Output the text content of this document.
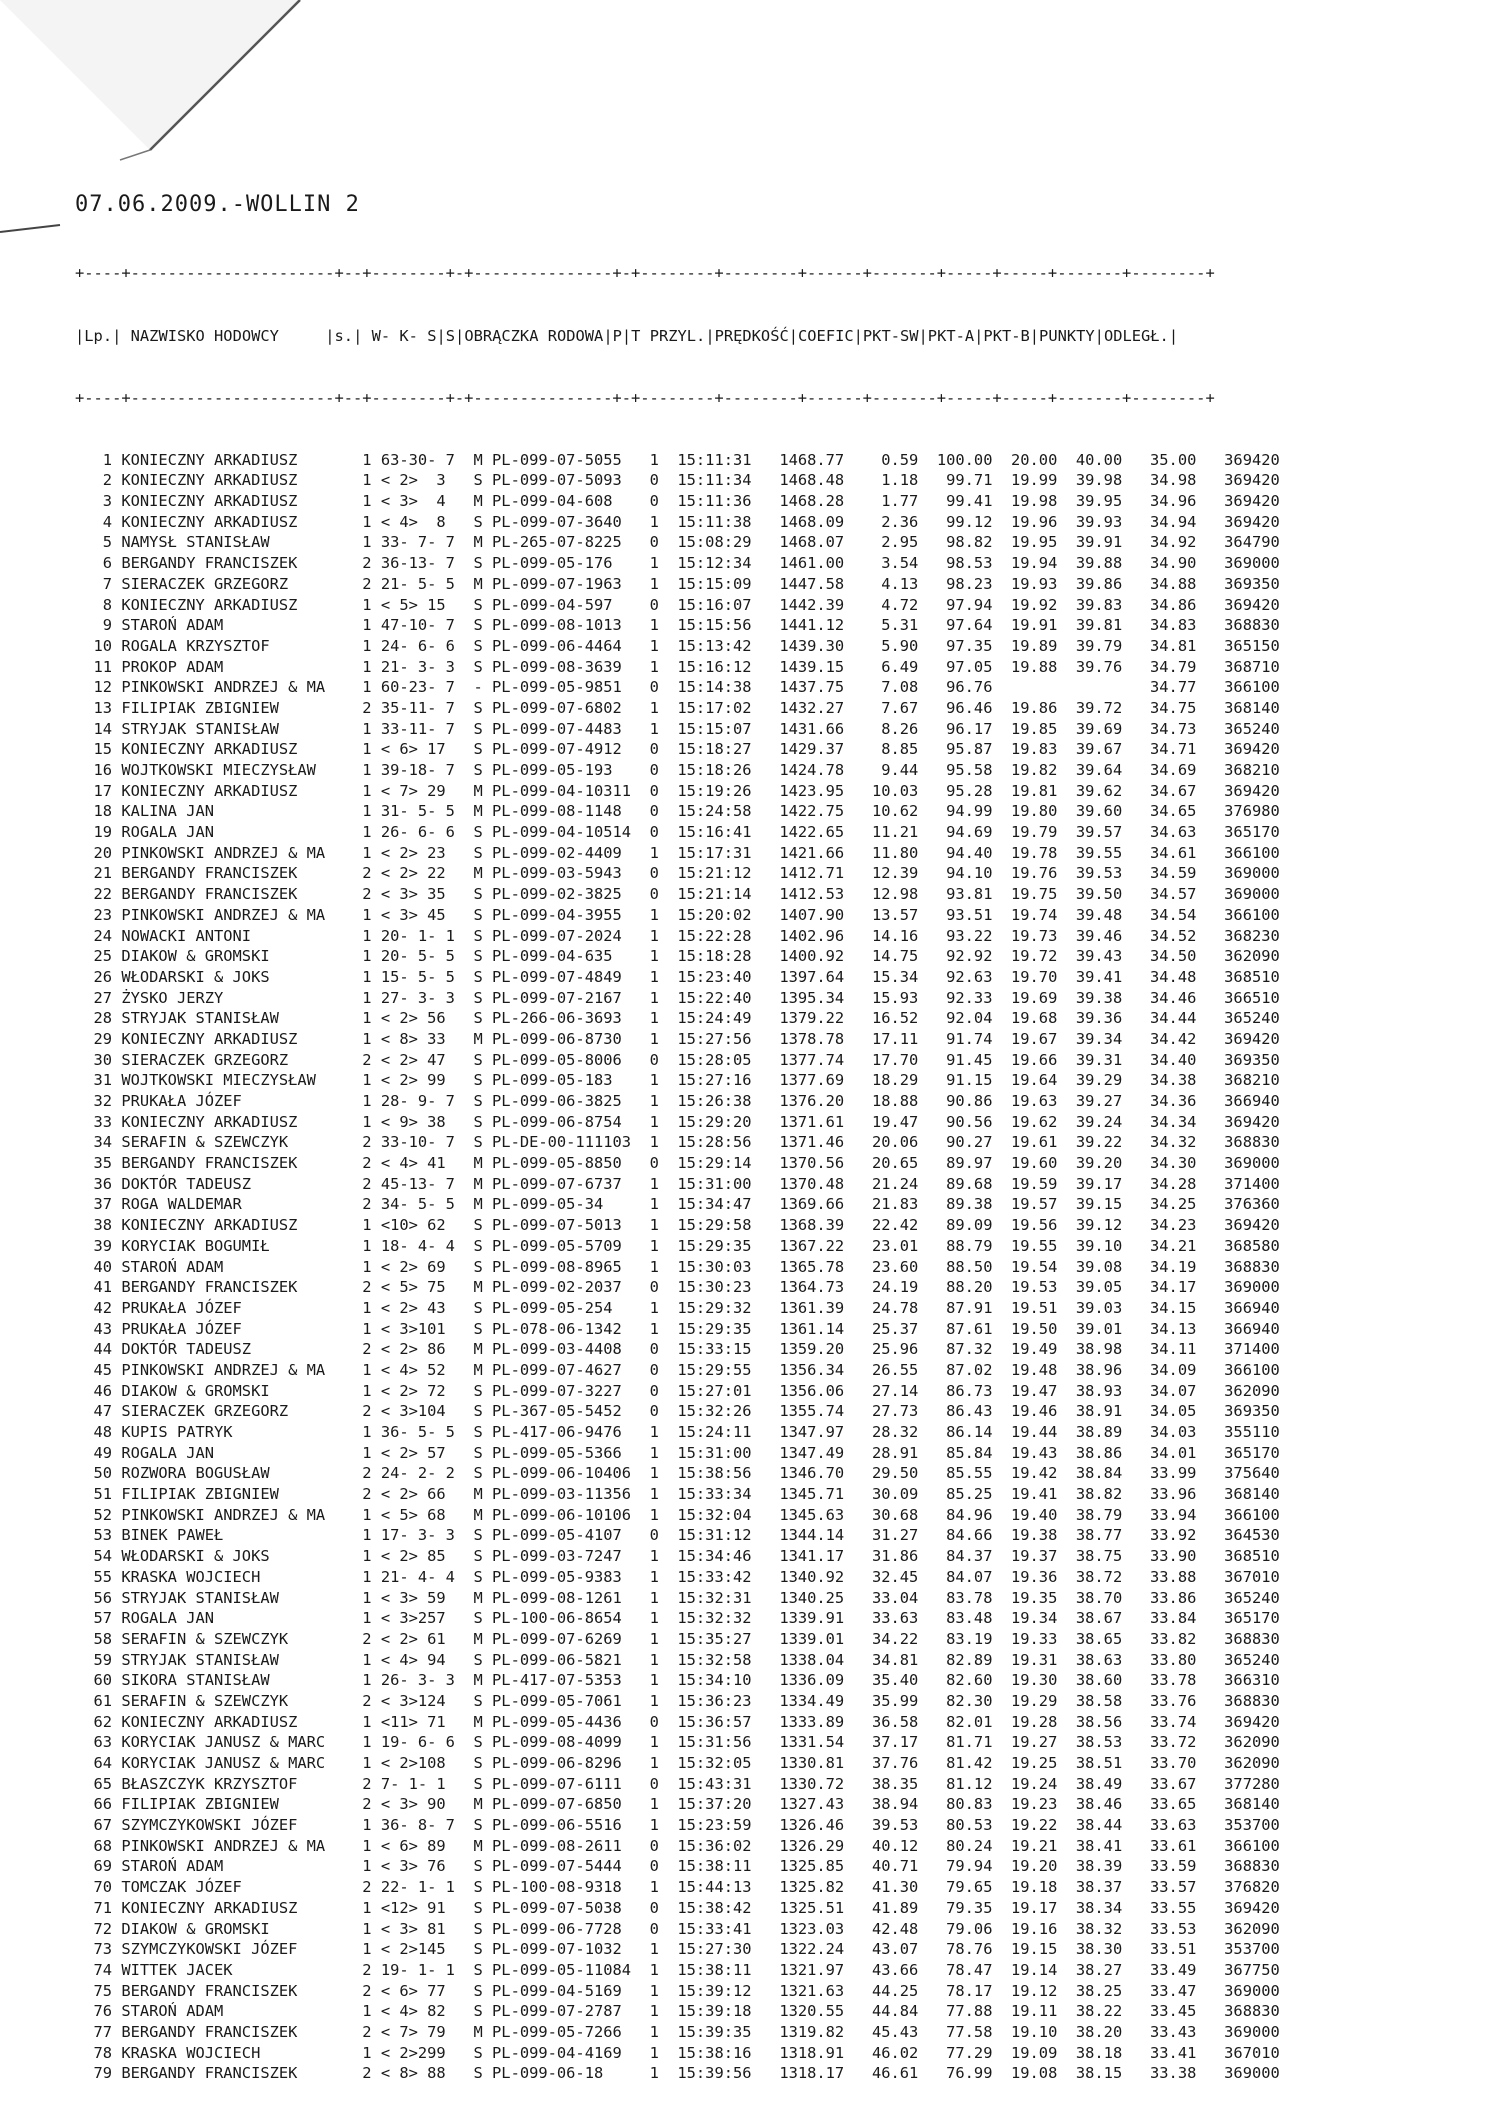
07.06.2009.-WOLLIN 2

+----+----------------------+--+--------+-+---------------+-+--------+--------+------+-------+-----+-----+-------+--------+

|Lp.| NAZWISKO HODOWCY     |s.| W- K- S|S|OBRĄCZKA RODOWA|P|T PRZYL.|PRĘDKOŚĆ|COEFIC|PKT-SW|PKT-A|PKT-B|PUNKTY|ODLEGŁ.|

+----+----------------------+--+--------+-+---------------+-+--------+--------+------+-------+-----+-----+-------+--------+

1 KONIECZNY ARKADIUSZ       1 63-30- 7  M PL-099-07-5055   1  15:11:31   1468.77    0.59  100.00  20.00  40.00   35.00   369420
2 KONIECZNY ARKADIUSZ       1 < 2>  3   S PL-099-07-5093   0  15:11:34   1468.48    1.18   99.71  19.99  39.98   34.98   369420
3 KONIECZNY ARKADIUSZ       1 < 3>  4   M PL-099-04-608    0  15:11:36   1468.28    1.77   99.41  19.98  39.95   34.96   369420
4 KONIECZNY ARKADIUSZ       1 < 4>  8   S PL-099-07-3640   1  15:11:38   1468.09    2.36   99.12  19.96  39.93   34.94   369420
5 NAMYSŁ STANISŁAW          1 33- 7- 7  M PL-265-07-8225   0  15:08:29   1468.07    2.95   98.82  19.95  39.91   34.92   364790
6 BERGANDY FRANCISZEK       2 36-13- 7  S PL-099-05-176    1  15:12:34   1461.00    3.54   98.53  19.94  39.88   34.90   369000
7 SIERACZEK GRZEGORZ        2 21- 5- 5  M PL-099-07-1963   1  15:15:09   1447.58    4.13   98.23  19.93  39.86   34.88   369350
8 KONIECZNY ARKADIUSZ       1 < 5> 15   S PL-099-04-597    0  15:16:07   1442.39    4.72   97.94  19.92  39.83   34.86   369420
9 STAROŃ ADAM               1 47-10- 7  S PL-099-08-1013   1  15:15:56   1441.12    5.31   97.64  19.91  39.81   34.83   368830
10 ROGALA KRZYSZTOF          1 24- 6- 6  S PL-099-06-4464   1  15:13:42   1439.30    5.90   97.35  19.89  39.79   34.81   365150
11 PROKOP ADAM               1 21- 3- 3  S PL-099-08-3639   1  15:16:12   1439.15    6.49   97.05  19.88  39.76   34.79   368710
12 PINKOWSKI ANDRZEJ & MA    1 60-23- 7  - PL-099-05-9851   0  15:14:38   1437.75    7.08   96.76	34.77   366100
13 FILIPIAK ZBIGNIEW         2 35-11- 7  S PL-099-07-6802   1  15:17:02   1432.27    7.67   96.46  19.86  39.72   34.75   368140
14 STRYJAK STANISŁAW         1 33-11- 7  S PL-099-07-4483   1  15:15:07   1431.66    8.26   96.17  19.85  39.69   34.73   365240
15 KONIECZNY ARKADIUSZ       1 < 6> 17   S PL-099-07-4912   0  15:18:27   1429.37    8.85   95.87  19.83  39.67   34.71   369420
16 WOJTKOWSKI MIECZYSŁAW     1 39-18- 7  S PL-099-05-193    0  15:18:26   1424.78    9.44   95.58  19.82  39.64   34.69   368210
17 KONIECZNY ARKADIUSZ       1 < 7> 29   M PL-099-04-10311  0  15:19:26   1423.95   10.03   95.28  19.81  39.62   34.67   369420
18 KALINA JAN                1 31- 5- 5  M PL-099-08-1148   0  15:24:58   1422.75   10.62   94.99  19.80  39.60   34.65   376980
19 ROGALA JAN                1 26- 6- 6  S PL-099-04-10514  0  15:16:41   1422.65   11.21   94.69  19.79  39.57   34.63   365170
20 PINKOWSKI ANDRZEJ & MA    1 < 2> 23   S PL-099-02-4409   1  15:17:31   1421.66   11.80   94.40  19.78  39.55   34.61   366100
21 BERGANDY FRANCISZEK       2 < 2> 22   M PL-099-03-5943   0  15:21:12   1412.71   12.39   94.10  19.76  39.53   34.59   369000
22 BERGANDY FRANCISZEK       2 < 3> 35   S PL-099-02-3825   0  15:21:14   1412.53   12.98   93.81  19.75  39.50   34.57   369000
23 PINKOWSKI ANDRZEJ & MA    1 < 3> 45   S PL-099-04-3955   1  15:20:02   1407.90   13.57   93.51  19.74  39.48   34.54   366100
24 NOWACKI ANTONI            1 20- 1- 1  S PL-099-07-2024   1  15:22:28   1402.96   14.16   93.22  19.73  39.46   34.52   368230
25 DIAKOW & GROMSKI          1 20- 5- 5  S PL-099-04-635    1  15:18:28   1400.92   14.75   92.92  19.72  39.43   34.50   362090
26 WŁODARSKI & JOKS          1 15- 5- 5  S PL-099-07-4849   1  15:23:40   1397.64   15.34   92.63  19.70  39.41   34.48   368510
27 ŻYSKO JERZY               1 27- 3- 3  S PL-099-07-2167   1  15:22:40   1395.34   15.93   92.33  19.69  39.38   34.46   366510
28 STRYJAK STANISŁAW         1 < 2> 56   S PL-266-06-3693   1  15:24:49   1379.22   16.52   92.04  19.68  39.36   34.44   365240
29 KONIECZNY ARKADIUSZ       1 < 8> 33   M PL-099-06-8730   1  15:27:56   1378.78   17.11   91.74  19.67  39.34   34.42   369420
30 SIERACZEK GRZEGORZ        2 < 2> 47   S PL-099-05-8006   0  15:28:05   1377.74   17.70   91.45  19.66  39.31   34.40   369350
31 WOJTKOWSKI MIECZYSŁAW     1 < 2> 99   S PL-099-05-183    1  15:27:16   1377.69   18.29   91.15  19.64  39.29   34.38   368210
32 PRUKAŁA JÓZEF             1 28- 9- 7  S PL-099-06-3825   1  15:26:38   1376.20   18.88   90.86  19.63  39.27   34.36   366940
33 KONIECZNY ARKADIUSZ       1 < 9> 38   S PL-099-06-8754   1  15:29:20   1371.61   19.47   90.56  19.62  39.24   34.34   369420
34 SERAFIN & SZEWCZYK        2 33-10- 7  S PL-DE-00-111103  1  15:28:56   1371.46   20.06   90.27  19.61  39.22   34.32   368830
35 BERGANDY FRANCISZEK       2 < 4> 41   M PL-099-05-8850   0  15:29:14   1370.56   20.65   89.97  19.60  39.20   34.30   369000
36 DOKTÓR TADEUSZ            2 45-13- 7  M PL-099-07-6737   1  15:31:00   1370.48   21.24   89.68  19.59  39.17   34.28   371400
37 ROGA WALDEMAR             2 34- 5- 5  M PL-099-05-34     1  15:34:47   1369.66   21.83   89.38  19.57  39.15   34.25   376360
38 KONIECZNY ARKADIUSZ       1 <10> 62   S PL-099-07-5013   1  15:29:58   1368.39   22.42   89.09  19.56  39.12   34.23   369420
39 KORYCIAK BOGUMIŁ          1 18- 4- 4  S PL-099-05-5709   1  15:29:35   1367.22   23.01   88.79  19.55  39.10   34.21   368580
40 STAROŃ ADAM               1 < 2> 69   S PL-099-08-8965   1  15:30:03   1365.78   23.60   88.50  19.54  39.08   34.19   368830
41 BERGANDY FRANCISZEK       2 < 5> 75   M PL-099-02-2037   0  15:30:23   1364.73   24.19   88.20  19.53  39.05   34.17   369000
42 PRUKAŁA JÓZEF             1 < 2> 43   S PL-099-05-254    1  15:29:32   1361.39   24.78   87.91  19.51  39.03   34.15   366940
43 PRUKAŁA JÓZEF             1 < 3>101   S PL-078-06-1342   1  15:29:35   1361.14   25.37   87.61  19.50  39.01   34.13   366940
44 DOKTÓR TADEUSZ            2 < 2> 86   M PL-099-03-4408   0  15:33:15   1359.20   25.96   87.32  19.49  38.98   34.11   371400
45 PINKOWSKI ANDRZEJ & MA    1 < 4> 52   M PL-099-07-4627   0  15:29:55   1356.34   26.55   87.02  19.48  38.96   34.09   366100
46 DIAKOW & GROMSKI          1 < 2> 72   S PL-099-07-3227   0  15:27:01   1356.06   27.14   86.73  19.47  38.93   34.07   362090
47 SIERACZEK GRZEGORZ        2 < 3>104   S PL-367-05-5452   0  15:32:26   1355.74   27.73   86.43  19.46  38.91   34.05   369350
48 KUPIS PATRYK              1 36- 5- 5  S PL-417-06-9476   1  15:24:11   1347.97   28.32   86.14  19.44  38.89   34.03   355110
49 ROGALA JAN                1 < 2> 57   S PL-099-05-5366   1  15:31:00   1347.49   28.91   85.84  19.43  38.86   34.01   365170
50 ROZWORA BOGUSŁAW          2 24- 2- 2  S PL-099-06-10406  1  15:38:56   1346.70   29.50   85.55  19.42  38.84   33.99   375640
51 FILIPIAK ZBIGNIEW         2 < 2> 66   M PL-099-03-11356  1  15:33:34   1345.71   30.09   85.25  19.41  38.82   33.96   368140
52 PINKOWSKI ANDRZEJ & MA    1 < 5> 68   M PL-099-06-10106  1  15:32:04   1345.63   30.68   84.96  19.40  38.79   33.94   366100
53 BINEK PAWEŁ               1 17- 3- 3  S PL-099-05-4107   0  15:31:12   1344.14   31.27   84.66  19.38  38.77   33.92   364530
54 WŁODARSKI & JOKS          1 < 2> 85   S PL-099-03-7247   1  15:34:46   1341.17   31.86   84.37  19.37  38.75   33.90   368510
55 KRASKA WOJCIECH           1 21- 4- 4  S PL-099-05-9383   1  15:33:42   1340.92   32.45   84.07  19.36  38.72   33.88   367010
56 STRYJAK STANISŁAW         1 < 3> 59   M PL-099-08-1261   1  15:32:31   1340.25   33.04   83.78  19.35  38.70   33.86   365240
57 ROGALA JAN                1 < 3>257   S PL-100-06-8654   1  15:32:32   1339.91   33.63   83.48  19.34  38.67   33.84   365170
58 SERAFIN & SZEWCZYK        2 < 2> 61   M PL-099-07-6269   1  15:35:27   1339.01   34.22   83.19  19.33  38.65   33.82   368830
59 STRYJAK STANISŁAW         1 < 4> 94   S PL-099-06-5821   1  15:32:58   1338.04   34.81   82.89  19.31  38.63   33.80   365240
60 SIKORA STANISŁAW          1 26- 3- 3  M PL-417-07-5353   1  15:34:10   1336.09   35.40   82.60  19.30  38.60   33.78   366310
61 SERAFIN & SZEWCZYK        2 < 3>124   S PL-099-05-7061   1  15:36:23   1334.49   35.99   82.30  19.29  38.58   33.76   368830
62 KONIECZNY ARKADIUSZ       1 <11> 71   M PL-099-05-4436   0  15:36:57   1333.89   36.58   82.01  19.28  38.56   33.74   369420
63 KORYCIAK JANUSZ & MARC    1 19- 6- 6  S PL-099-08-4099   1  15:31:56   1331.54   37.17   81.71  19.27  38.53   33.72   362090
64 KORYCIAK JANUSZ & MARC    1 < 2>108   S PL-099-06-8296   1  15:32:05   1330.81   37.76   81.42  19.25  38.51   33.70   362090
65 BŁASZCZYK KRZYSZTOF       2 7- 1- 1   S PL-099-07-6111   0  15:43:31   1330.72   38.35   81.12  19.24  38.49   33.67   377280
66 FILIPIAK ZBIGNIEW         2 < 3> 90   M PL-099-07-6850   1  15:37:20   1327.43   38.94   80.83  19.23  38.46   33.65   368140
67 SZYMCZYKOWSKI JÓZEF       1 36- 8- 7  S PL-099-06-5516   1  15:23:59   1326.46   39.53   80.53  19.22  38.44   33.63   353700
68 PINKOWSKI ANDRZEJ & MA    1 < 6> 89   M PL-099-08-2611   0  15:36:02   1326.29   40.12   80.24  19.21  38.41   33.61   366100
69 STAROŃ ADAM               1 < 3> 76   S PL-099-07-5444   0  15:38:11   1325.85   40.71   79.94  19.20  38.39   33.59   368830
70 TOMCZAK JÓZEF             2 22- 1- 1  S PL-100-08-9318   1  15:44:13   1325.82   41.30   79.65  19.18  38.37   33.57   376820
71 KONIECZNY ARKADIUSZ       1 <12> 91   S PL-099-07-5038   0  15:38:42   1325.51   41.89   79.35  19.17  38.34   33.55   369420
72 DIAKOW & GROMSKI          1 < 3> 81   S PL-099-06-7728   0  15:33:41   1323.03   42.48   79.06  19.16  38.32   33.53   362090
73 SZYMCZYKOWSKI JÓZEF       1 < 2>145   S PL-099-07-1032   1  15:27:30   1322.24   43.07   78.76  19.15  38.30   33.51   353700
74 WITTEK JACEK              2 19- 1- 1  S PL-099-05-11084  1  15:38:11   1321.97   43.66   78.47  19.14  38.27   33.49   367750
75 BERGANDY FRANCISZEK       2 < 6> 77   S PL-099-04-5169   1  15:39:12   1321.63   44.25   78.17  19.12  38.25   33.47   369000
76 STAROŃ ADAM               1 < 4> 82   S PL-099-07-2787   1  15:39:18   1320.55   44.84   77.88  19.11  38.22   33.45   368830
77 BERGANDY FRANCISZEK       2 < 7> 79   M PL-099-05-7266   1  15:39:35   1319.82   45.43   77.58  19.10  38.20   33.43   369000
78 KRASKA WOJCIECH           1 < 2>299   S PL-099-04-4169   1  15:38:16   1318.91   46.02   77.29  19.09  38.18   33.41   367010
79 BERGANDY FRANCISZEK       2 < 8> 88   S PL-099-06-18     1  15:39:56   1318.17   46.61   76.99  19.08  38.15   33.38   369000
